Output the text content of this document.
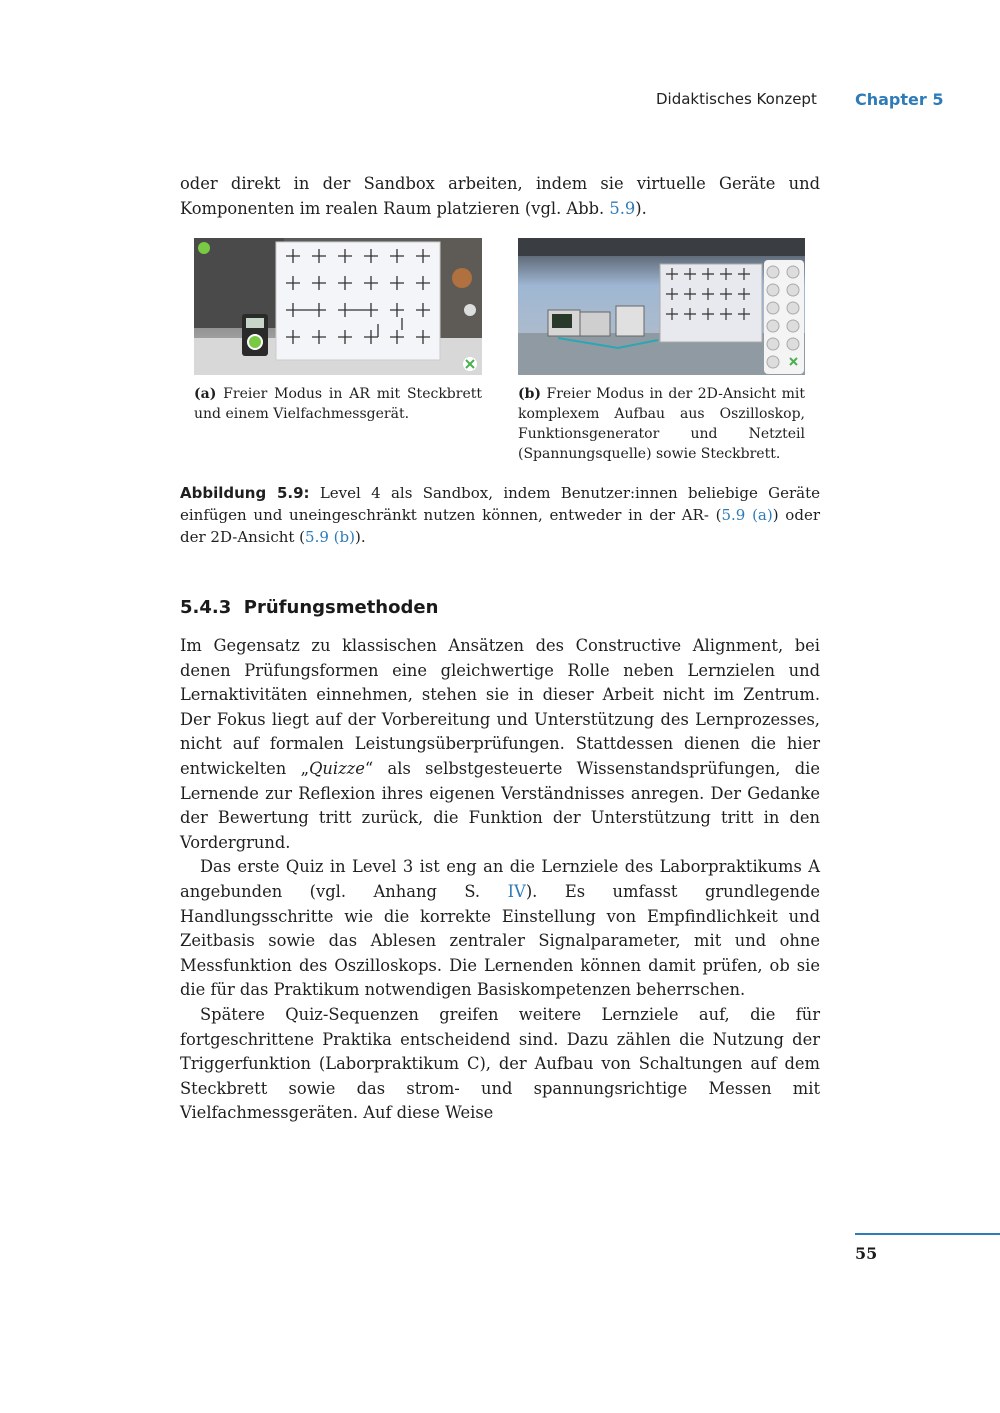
Didaktisches Konzept Chapter 5

oder direkt in der Sandbox arbeiten, indem sie virtuelle Geräte und Komponenten im realen Raum platzieren (vgl. Abb. 5.9).

(a) Freier Modus in AR mit Steckbrett und einem Vielfachmessgerät.
(b) Freier Modus in der 2D-Ansicht mit komplexem Aufbau aus Oszilloskop, Funktionsgenerator und Netzteil (Spannungsquelle) sowie Steckbrett.
Abbildung 5.9: Level 4 als Sandbox, indem Benutzer:innen beliebige Geräte einfügen und uneingeschränkt nutzen können, entweder in der AR- (5.9 (a)) oder der 2D-Ansicht (5.9 (b)).
5.4.3 Prüfungsmethoden

Im Gegensatz zu klassischen Ansätzen des Constructive Alignment, bei denen Prüfungsformen eine gleichwertige Rolle neben Lernzielen und Lernaktivitäten einnehmen, stehen sie in dieser Arbeit nicht im Zentrum. Der Fokus liegt auf der Vorbereitung und Unterstützung des Lernprozesses, nicht auf formalen Leistungsüberprüfungen. Stattdessen dienen die hier entwickelten „Quizze“ als selbstgesteuerte Wissenstandsprüfungen, die Lernende zur Reflexion ihres eigenen Verständnisses anregen. Der Gedanke der Bewertung tritt zurück, die Funktion der Unterstützung tritt in den Vordergrund.

Das erste Quiz in Level 3 ist eng an die Lernziele des Laborpraktikums A angebunden (vgl. Anhang S. IV). Es umfasst grundlegende Handlungsschritte wie die korrekte Einstellung von Empfindlichkeit und Zeitbasis sowie das Ablesen zentraler Signalparameter, mit und ohne Messfunktion des Oszilloskops. Die Lernenden können damit prüfen, ob sie die für das Praktikum notwendigen Basiskompetenzen beherrschen.

Spätere Quiz-Sequenzen greifen weitere Lernziele auf, die für fortgeschrittene Praktika entscheidend sind. Dazu zählen die Nutzung der Triggerfunktion (Laborpraktikum C), der Aufbau von Schaltungen auf dem Steckbrett sowie das strom- und spannungsrichtige Messen mit Vielfachmessgeräten. Auf diese Weise

55
